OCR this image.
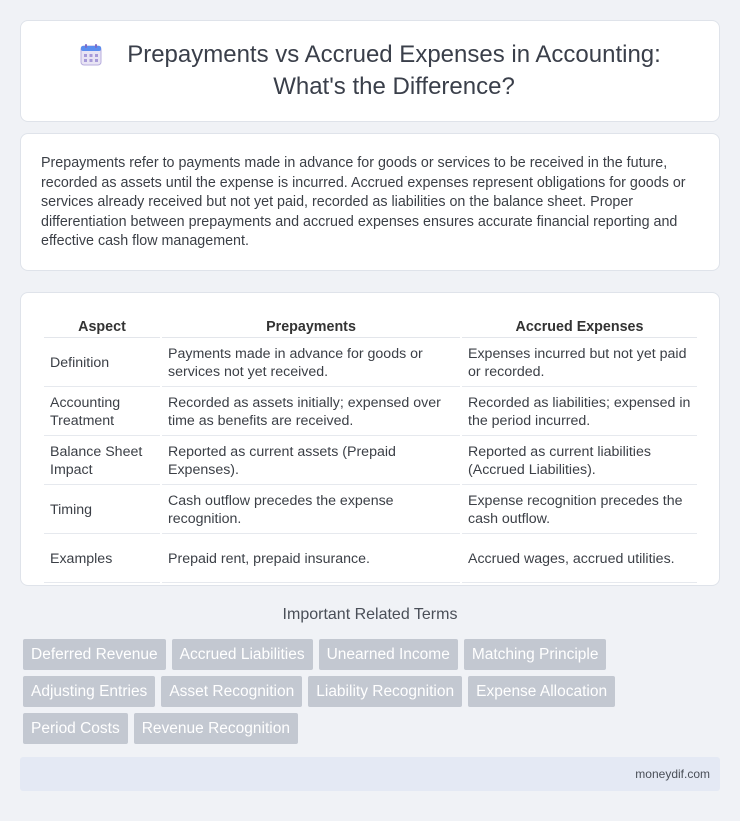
Prepayments vs Accrued Expenses in Accounting:
What's the Difference?

Prepayments refer to payments made in advance for goods or services to be received in the future, recorded as assets until the expense is incurred. Accrued expenses represent obligations for goods or services already received but not yet paid, recorded as liabilities on the balance sheet. Proper differentiation between prepayments and accrued expenses ensures accurate financial reporting and effective cash flow management.

Aspect	Prepayments	Accrued Expenses
Definition	Payments made in advance for goods or services not yet received.	Expenses incurred but not yet paid or recorded.
Accounting Treatment	Recorded as assets initially; expensed over time as benefits are received.	Recorded as liabilities; expensed in the period incurred.
Balance Sheet Impact	Reported as current assets (Prepaid Expenses).	Reported as current liabilities (Accrued Liabilities).
Timing	Cash outflow precedes the expense recognition.	Expense recognition precedes the cash outflow.
Examples	Prepaid rent, prepaid insurance.	Accrued wages, accrued utilities.
Important Related Terms
Deferred Revenue	Accrued Liabilities	Unearned Income	Matching Principle
Adjusting Entries	Asset Recognition	Liability Recognition	Expense Allocation
Period Costs	Revenue Recognition
moneydif.com
